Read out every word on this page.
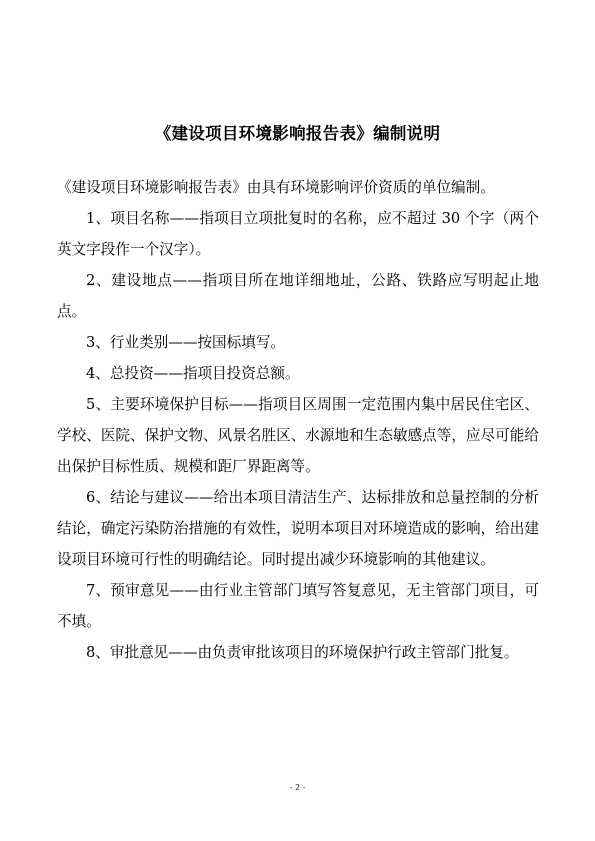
《建设项目环境影响报告表》编制说明

《建设项目环境影响报告表》由具有环境影响评价资质的单位编制。

1、项目名称——指项目立项批复时的名称，应不超过 30 个字（两个英文字段作一个汉字）。

2、建设地点——指项目所在地详细地址，公路、铁路应写明起止地点。

3、行业类别——按国标填写。

4、总投资——指项目投资总额。

5、主要环境保护目标——指项目区周围一定范围内集中居民住宅区、学校、医院、保护文物、风景名胜区、水源地和生态敏感点等，应尽可能给出保护目标性质、规模和距厂界距离等。

6、结论与建议——给出本项目清洁生产、达标排放和总量控制的分析结论，确定污染防治措施的有效性，说明本项目对环境造成的影响，给出建设项目环境可行性的明确结论。同时提出减少环境影响的其他建议。

7、预审意见——由行业主管部门填写答复意见，无主管部门项目，可不填。

8、审批意见——由负责审批该项目的环境保护行政主管部门批复。

- 2 -
